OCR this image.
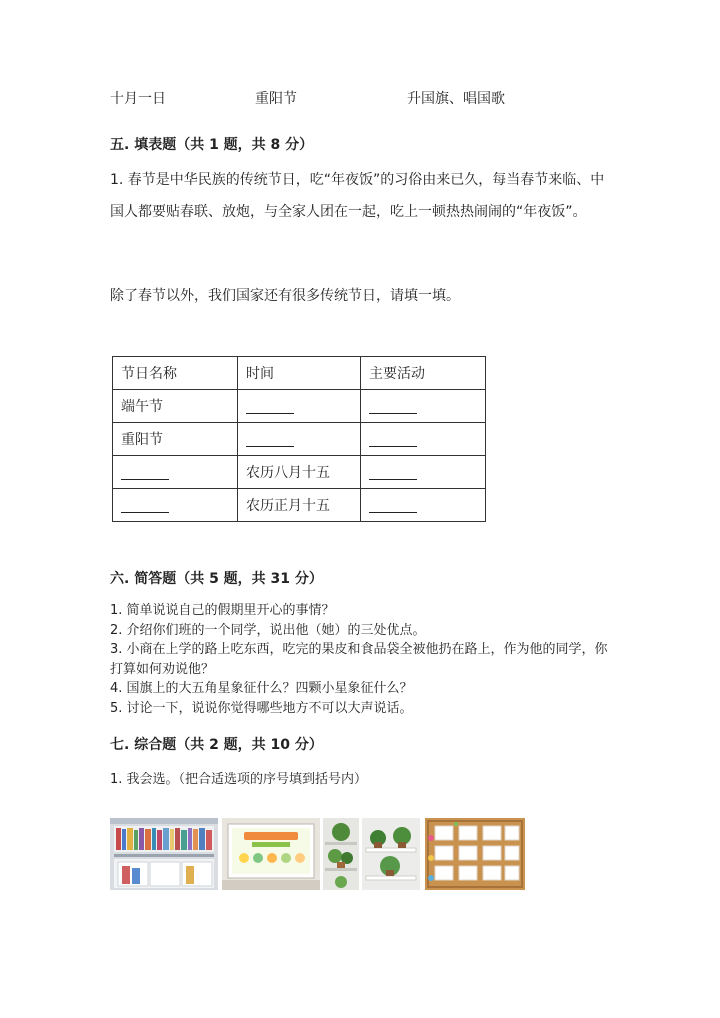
十月一日	重阳节	升国旗、唱国歌
五. 填表题（共 1 题，共 8 分）
1. 春节是中华民族的传统节日，吃“年夜饭”的习俗由来已久，每当春节来临、中国人都要贴春联、放炮，与全家人团在一起，吃上一顿热热闹闹的“年夜饭”。
除了春节以外，我们国家还有很多传统节日，请填一填。
节日名称	时间	主要活动
端午节		
重阳节		
	农历八月十五	
	农历正月十五	
六. 简答题（共 5 题，共 31 分）
1. 简单说说自己的假期里开心的事情？
2. 介绍你们班的一个同学，说出他（她）的三处优点。
3. 小商在上学的路上吃东西，吃完的果皮和食品袋全被他扔在路上，作为他的同学，你打算如何劝说他？
4. 国旗上的大五角星象征什么？四颗小星象征什么？
5. 讨论一下，说说你觉得哪些地方不可以大声说话。
七. 综合题（共 2 题，共 10 分）
1. 我会选。（把合适选项的序号填到括号内）
